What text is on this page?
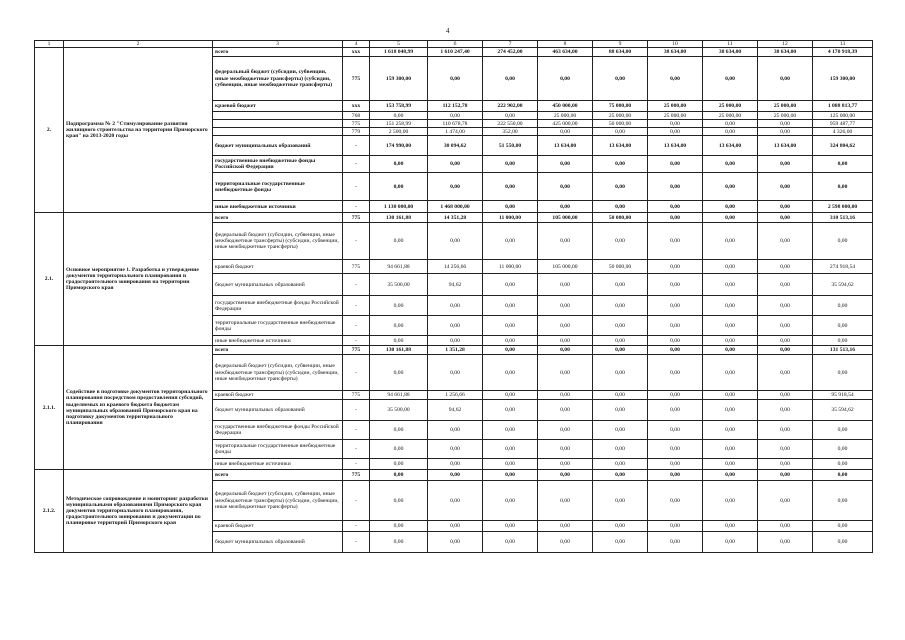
4
1	2	3	4	5	6	7	8	9	10	11	12	13
2.	Подпрограмма № 2 "Стимулирование развития жилищного строительства на территории Приморского края" на 2013-2020 годы	всего	ххх	1 618 048,99	1 610 247,40	274 452,00	463 634,00	88 634,00	38 634,00	38 634,00	38 634,00	4 170 918,39
		федеральный бюджет (субсидии, субвенции, иные межбюджетные трансферты) (субсидии, субвенции, иные межбюджетные трансферты)	775	159 300,00	0,00	0,00	0,00	0,00	0,00	0,00	0,00	159 300,00
		краевой бюджет	ххх	153 758,99	112 152,78	222 902,00	450 000,00	75 000,00	25 000,00	25 000,00	25 000,00	1 088 813,77
			768	0,00	0,00	0,00	25 000,00	25 000,00	25 000,00	25 000,00	25 000,00	125 000,00
			775	151 258,99	110 678,78	222 550,00	425 000,00	50 000,00	0,00	0,00	0,00	959 487,77
			779	2 500,00	1 474,00	352,00	0,00	0,00	0,00	0,00	0,00	4 326,00
		бюджет муниципальных образований	-	174 990,00	30 094,62	51 550,00	13 634,00	13 634,00	13 634,00	13 634,00	13 634,00	324 804,62
		государственные внебюджетные фонды Российской Федерации	-	0,00	0,00	0,00	0,00	0,00	0,00	0,00	0,00	0,00
		территориальные государственные внебюджетные фонды	-	0,00	0,00	0,00	0,00	0,00	0,00	0,00	0,00	0,00
		иные внебюджетные источники	-	1 130 000,00	1 468 000,00	0,00	0,00	0,00	0,00	0,00	0,00	2 598 000,00
2.1.	Основное мероприятие 1. Разработка и утверждение документов территориального планирования и градостроительного зонирования на территории Приморского края	всего	775	130 161,88	14 351,28	11 000,00	105 000,00	50 000,00	0,00	0,00	0,00	310 513,16
		федеральный бюджет (субсидии, субвенции, иные межбюджетные трансферты) (субсидии, субвенции, иные межбюджетные трансферты)	-	0,00	0,00	0,00	0,00	0,00	0,00	0,00	0,00	0,00
		краевой бюджет	775	94 661,88	14 256,66	11 000,00	105 000,00	50 000,00	0,00	0,00	0,00	274 918,54
		бюджет муниципальных образований	-	35 500,00	94,62	0,00	0,00	0,00	0,00	0,00	0,00	35 594,62
		государственные внебюджетные фонды Российской Федерации	-	0,00	0,00	0,00	0,00	0,00	0,00	0,00	0,00	0,00
		территориальные государственные внебюджетные фонды	-	0,00	0,00	0,00	0,00	0,00	0,00	0,00	0,00	0,00
		иные внебюджетные источники	-	0,00	0,00	0,00	0,00	0,00	0,00	0,00	0,00	0,00
2.1.1.	Содействие в подготовке документов территориального планирования посредством предоставления субсидий, выделяемых из краевого бюджета бюджетам муниципальных образований Приморского края на подготовку документов территориального планирования	всего	775	130 161,88	1 351,28	0,00	0,00	0,00	0,00	0,00	0,00	131 513,16
		федеральный бюджет (субсидии, субвенции, иные межбюджетные трансферты) (субсидии, субвенции, иные межбюджетные трансферты)	-	0,00	0,00	0,00	0,00	0,00	0,00	0,00	0,00	0,00
		краевой бюджет	775	94 661,88	1 256,66	0,00	0,00	0,00	0,00	0,00	0,00	95 918,54
		бюджет муниципальных образований	-	35 500,00	94,62	0,00	0,00	0,00	0,00	0,00	0,00	35 594,62
		государственные внебюджетные фонды Российской Федерации	-	0,00	0,00	0,00	0,00	0,00	0,00	0,00	0,00	0,00
		территориальные государственные внебюджетные фонды	-	0,00	0,00	0,00	0,00	0,00	0,00	0,00	0,00	0,00
		иные внебюджетные источники	-	0,00	0,00	0,00	0,00	0,00	0,00	0,00	0,00	0,00
2.1.2.	Методическое сопровождение и мониторинг разработки муниципальными образованиями Приморского края документов территориального планирования, градостроительного зонирования и документации по планировке территорий Приморского края	всего	775	0,00	0,00	0,00	0,00	0,00	0,00	0,00	0,00	0,00
		федеральный бюджет (субсидии, субвенции, иные межбюджетные трансферты) (субсидии, субвенции, иные межбюджетные трансферты)	-	0,00	0,00	0,00	0,00	0,00	0,00	0,00	0,00	0,00
		краевой бюджет	-	0,00	0,00	0,00	0,00	0,00	0,00	0,00	0,00	0,00
		бюджет муниципальных образований	-	0,00	0,00	0,00	0,00	0,00	0,00	0,00	0,00	0,00
